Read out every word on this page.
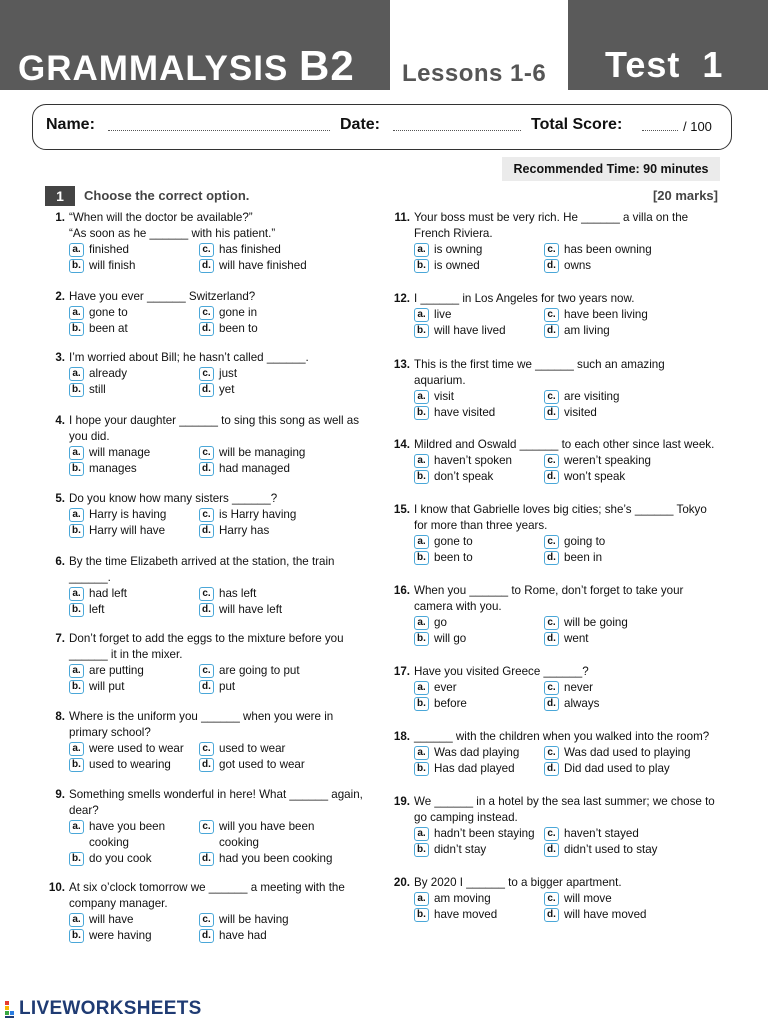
GRAMMALYSIS B2 Lessons 1-6 Test  1
Name:	Date:	Total Score:	/ 100
Recommended Time: 90 minutes
1	Choose the correct option.	[20 marks]
1. “When will the doctor be available?”
“As soon as he ______ with his patient.”
a. finished	c. has finished
b. will finish	d. will have finished
2. Have you ever ______ Switzerland?
a. gone to	c. gone in
b. been at	d. been to
3. I’m worried about Bill; he hasn’t called ______.
a. already	c. just
b. still	d. yet
4. I hope your daughter ______ to sing this song as well as
you did.
a. will manage	c. will be managing
b. manages	d. had managed
5. Do you know how many sisters ______?
a. Harry is having	c. is Harry having
b. Harry will have	d. Harry has
6. By the time Elizabeth arrived at the station, the train
______.
a. had left	c. has left
b. left	d. will have left
7. Don’t forget to add the eggs to the mixture before you
______ it in the mixer.
a. are putting	c. are going to put
b. will put	d. put
8. Where is the uniform you ______ when you were in
primary school?
a. were used to wear	c. used to wear
b. used to wearing	d. got used to wear
9. Something smells wonderful in here! What ______ again,
dear?
a. have you been cooking
c. will you have been cooking
b. do you cook	d. had you been cooking
10. At six o’clock tomorrow we ______ a meeting with the
company manager.
a. will have	c. will be having
b. were having	d. have had
11. Your boss must be very rich. He ______ a villa on the
French Riviera.
a. is owning	c. has been owning
b. is owned	d. owns
12. I ______ in Los Angeles for two years now.
a. live	c. have been living
b. will have lived	d. am living
13. This is the first time we ______ such an amazing
aquarium.
a. visit	c. are visiting
b. have visited	d. visited
14. Mildred and Oswald ______ to each other since last week.
a. haven’t spoken	c. weren’t speaking
b. don’t speak	d. won’t speak
15. I know that Gabrielle loves big cities; she’s ______ Tokyo
for more than three years.
a. gone to	c. going to
b. been to	d. been in
16. When you ______ to Rome, don’t forget to take your
camera with you.
a. go	c. will be going
b. will go	d. went
17. Have you visited Greece ______?
a. ever	c. never
b. before	d. always
18. ______ with the children when you walked into the room?
a. Was dad playing	c. Was dad used to playing
b. Has dad played	d. Did dad used to play
19. We ______ in a hotel by the sea last summer; we chose to
go camping instead.
a. hadn’t been staying	c. haven’t stayed
b. didn’t stay	d. didn’t used to stay
20. By 2020 I ______ to a bigger apartment.
a. am moving	c. will move
b. have moved	d. will have moved
LIVEWORKSHEETS
